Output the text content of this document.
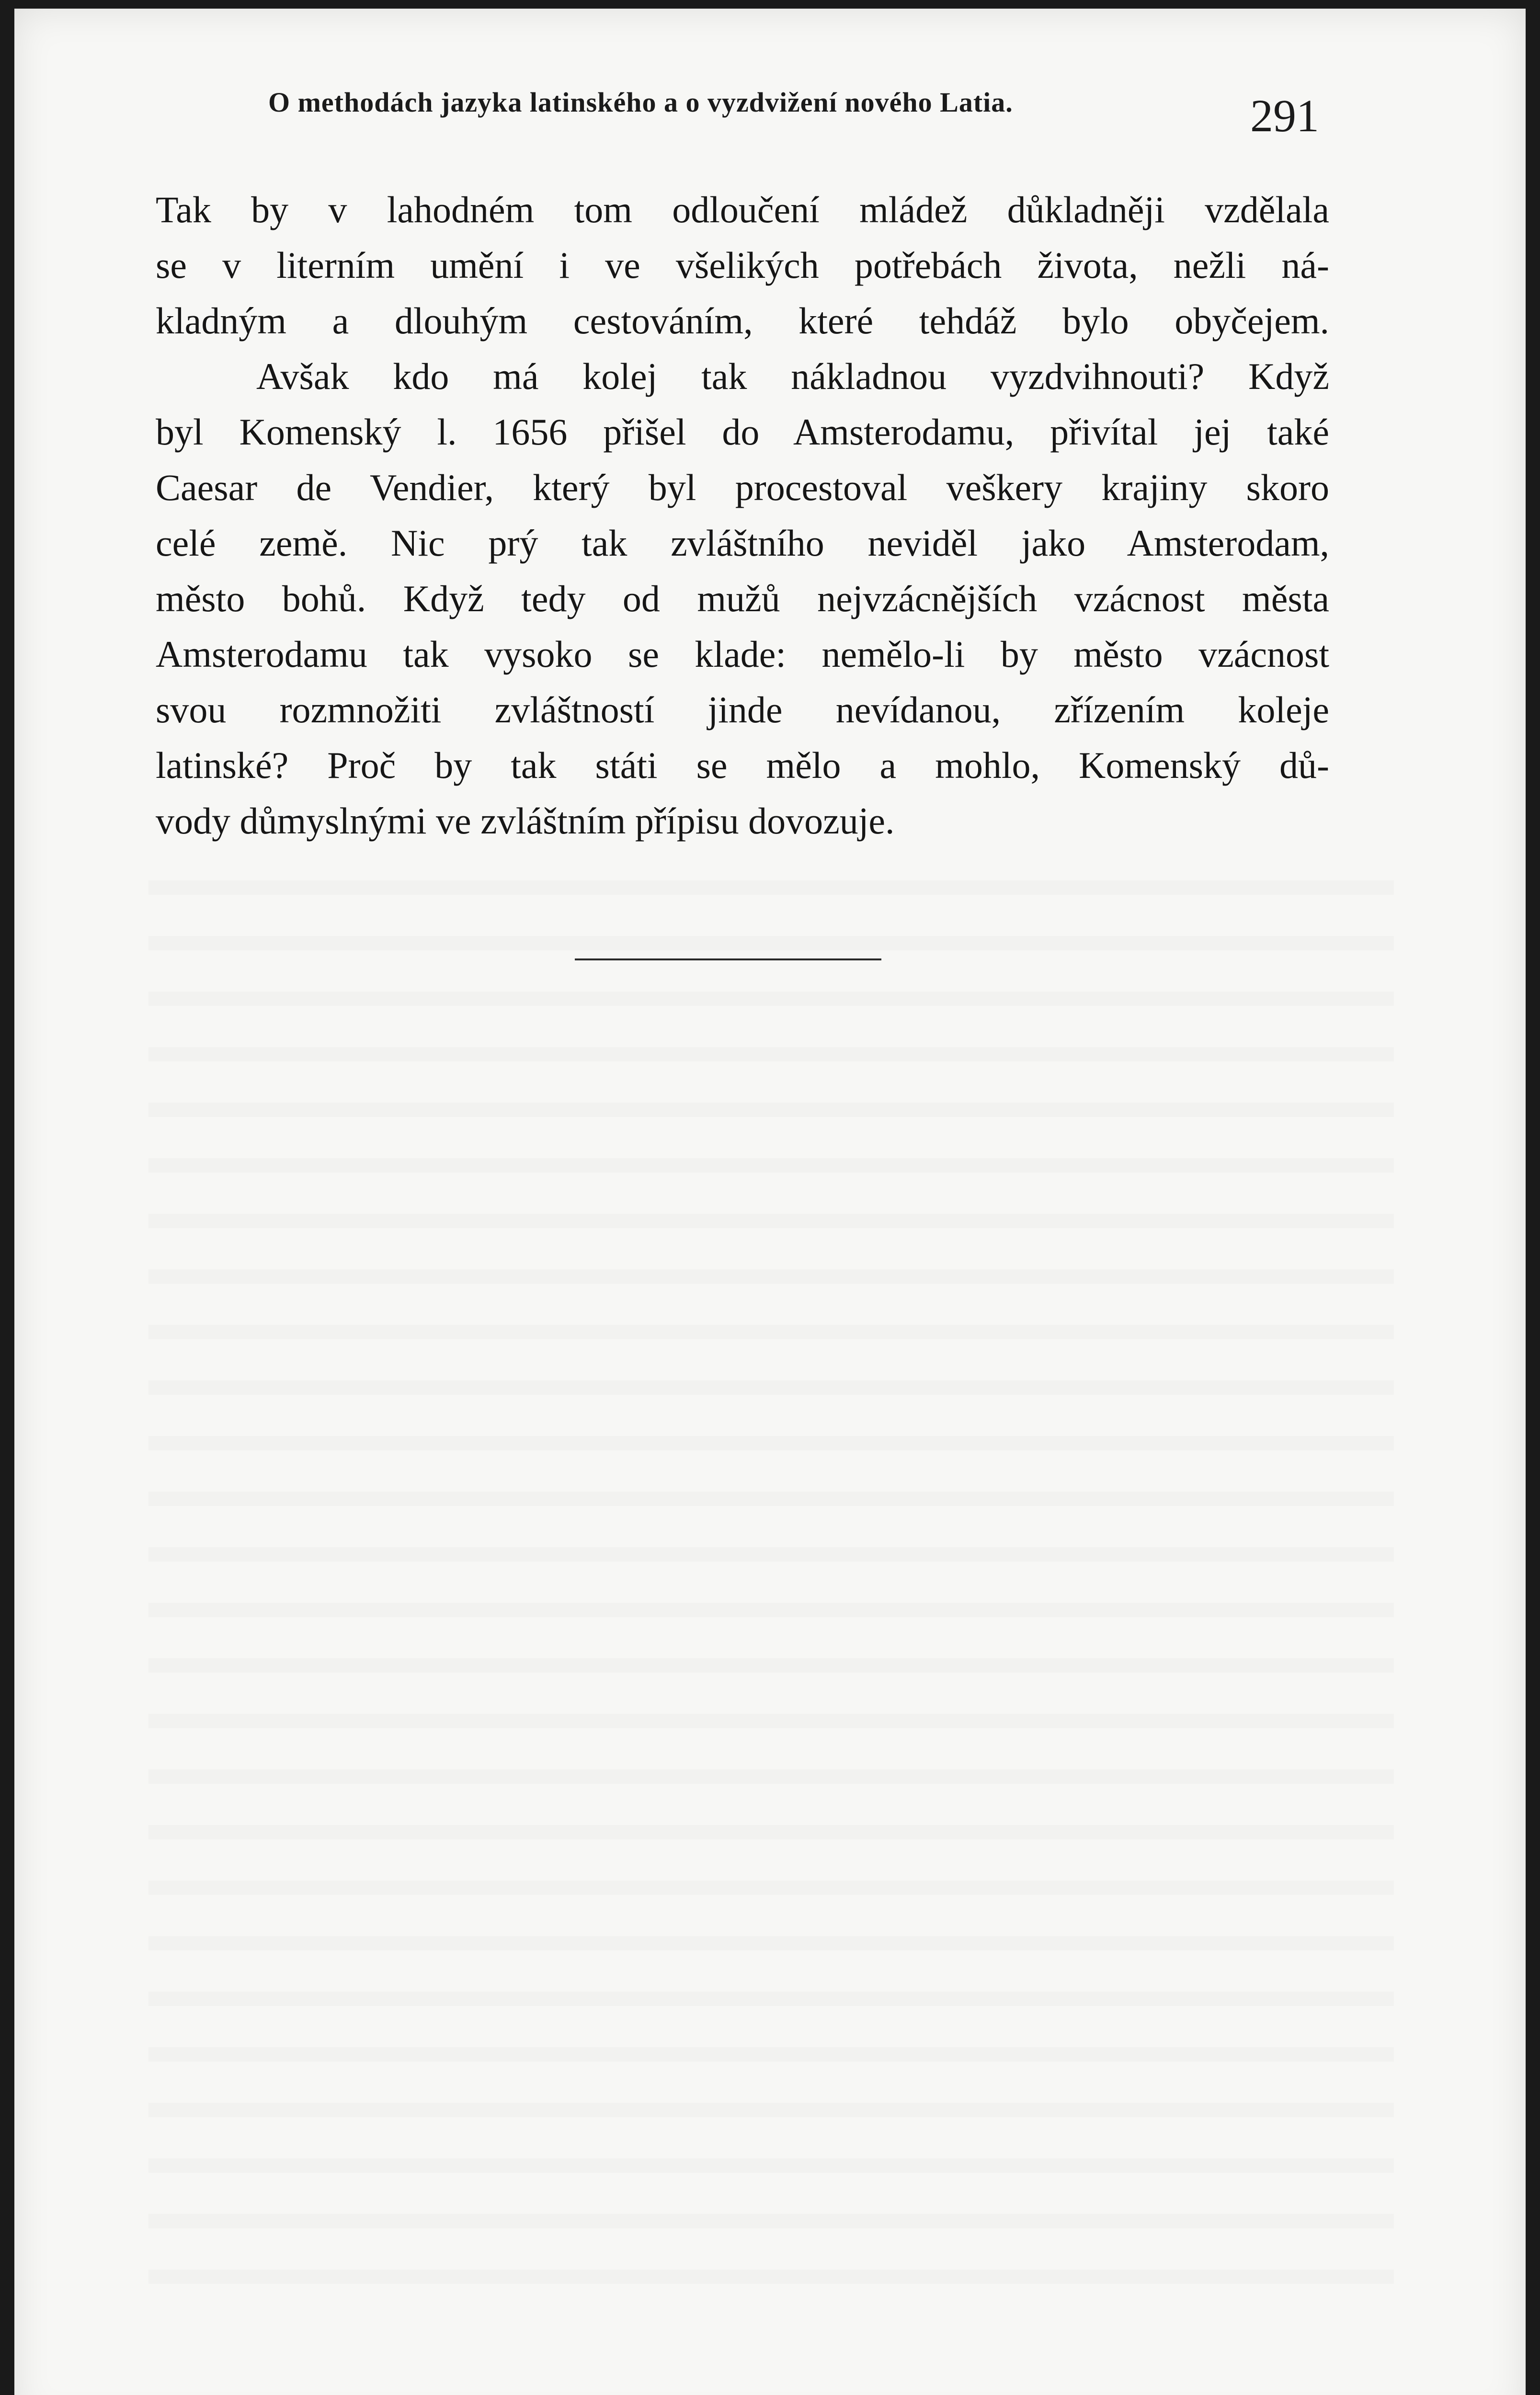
O methodách jazyka latinského a o vyzdvižení nového Latia.	291
Tak by v lahodném tom odloučení mládež důkladněji vzdělala
se v literním umění i ve všelikých potřebách života, nežli ná-
kladným a dlouhým cestováním, které tehdáž bylo obyčejem.
Avšak kdo má kolej tak nákladnou vyzdvihnouti? Když
byl Komenský l. 1656 přišel do Amsterodamu, přivítal jej také
Caesar de Vendier, který byl procestoval veškery krajiny skoro
celé země. Nic prý tak zvláštního neviděl jako Amsterodam,
město bohů. Když tedy od mužů nejvzácnějších vzácnost města
Amsterodamu tak vysoko se klade: nemělo-li by město vzácnost
svou rozmnožiti zvláštností jinde nevídanou, zřízením koleje
latinské? Proč by tak státi se mělo a mohlo, Komenský dů-
vody důmyslnými ve zvláštním přípisu dovozuje.
